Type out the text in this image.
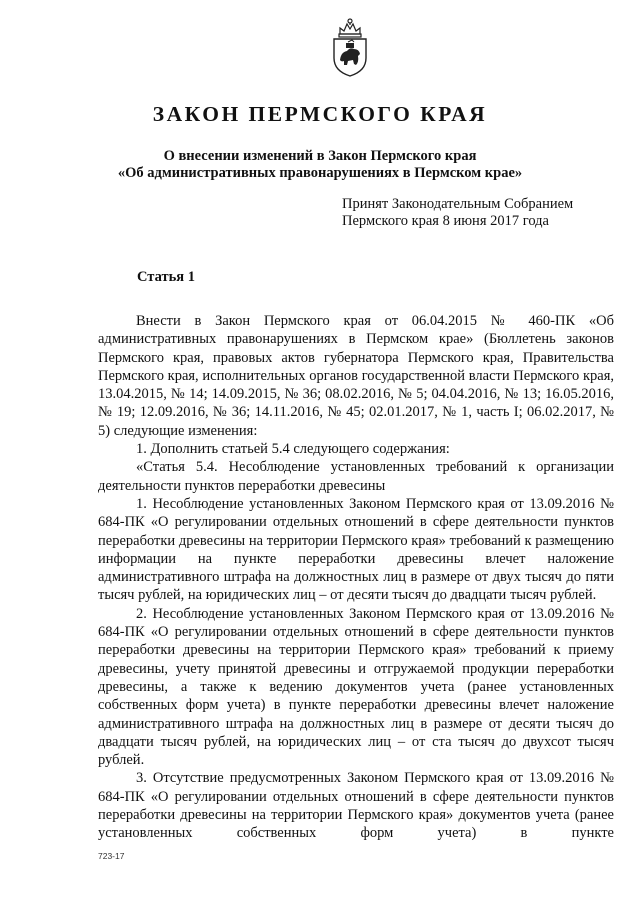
ЗАКОН ПЕРМСКОГО КРАЯ
О внесении изменений в Закон Пермского края
«Об административных правонарушениях в Пермском крае»
Принят Законодательным Собранием
Пермского края 8 июня 2017 года
Статья 1

Внести в Закон Пермского края от 06.04.2015 № 460-ПК «Об административных правонарушениях в Пермском крае» (Бюллетень законов Пермского края, правовых актов губернатора Пермского края, Правительства Пермского края, исполнительных органов государственной власти Пермского края, 13.04.2015, № 14; 14.09.2015, № 36; 08.02.2016, № 5; 04.04.2016, № 13; 16.05.2016, № 19; 12.09.2016, № 36; 14.11.2016, № 45; 02.01.2017, № 1, часть I; 06.02.2017, № 5) следующие изменения:

1. Дополнить статьей 5.4 следующего содержания:

«Статья 5.4. Несоблюдение установленных требований к организации деятельности пунктов переработки древесины

1. Несоблюдение установленных Законом Пермского края от 13.09.2016 № 684-ПК «О регулировании отдельных отношений в сфере деятельности пунктов переработки древесины на территории Пермского края» требований к размещению информации на пункте переработки древесины влечет наложение административного штрафа на должностных лиц в размере от двух тысяч до пяти тысяч рублей, на юридических лиц – от десяти тысяч до двадцати тысяч рублей.

2. Несоблюдение установленных Законом Пермского края от 13.09.2016 № 684-ПК «О регулировании отдельных отношений в сфере деятельности пунктов переработки древесины на территории Пермского края» требований к приему древесины, учету принятой древесины и отгружаемой продукции переработки древесины, а также к ведению документов учета (ранее установленных собственных форм учета) в пункте переработки древесины влечет наложение административного штрафа на должностных лиц в размере от десяти тысяч до двадцати тысяч рублей, на юридических лиц – от ста тысяч до двухсот тысяч рублей.

3. Отсутствие предусмотренных Законом Пермского края от 13.09.2016 № 684-ПК «О регулировании отдельных отношений в сфере деятельности пунктов переработки древесины на территории Пермского края» документов учета (ранее установленных собственных форм учета) в пункте

723-17
